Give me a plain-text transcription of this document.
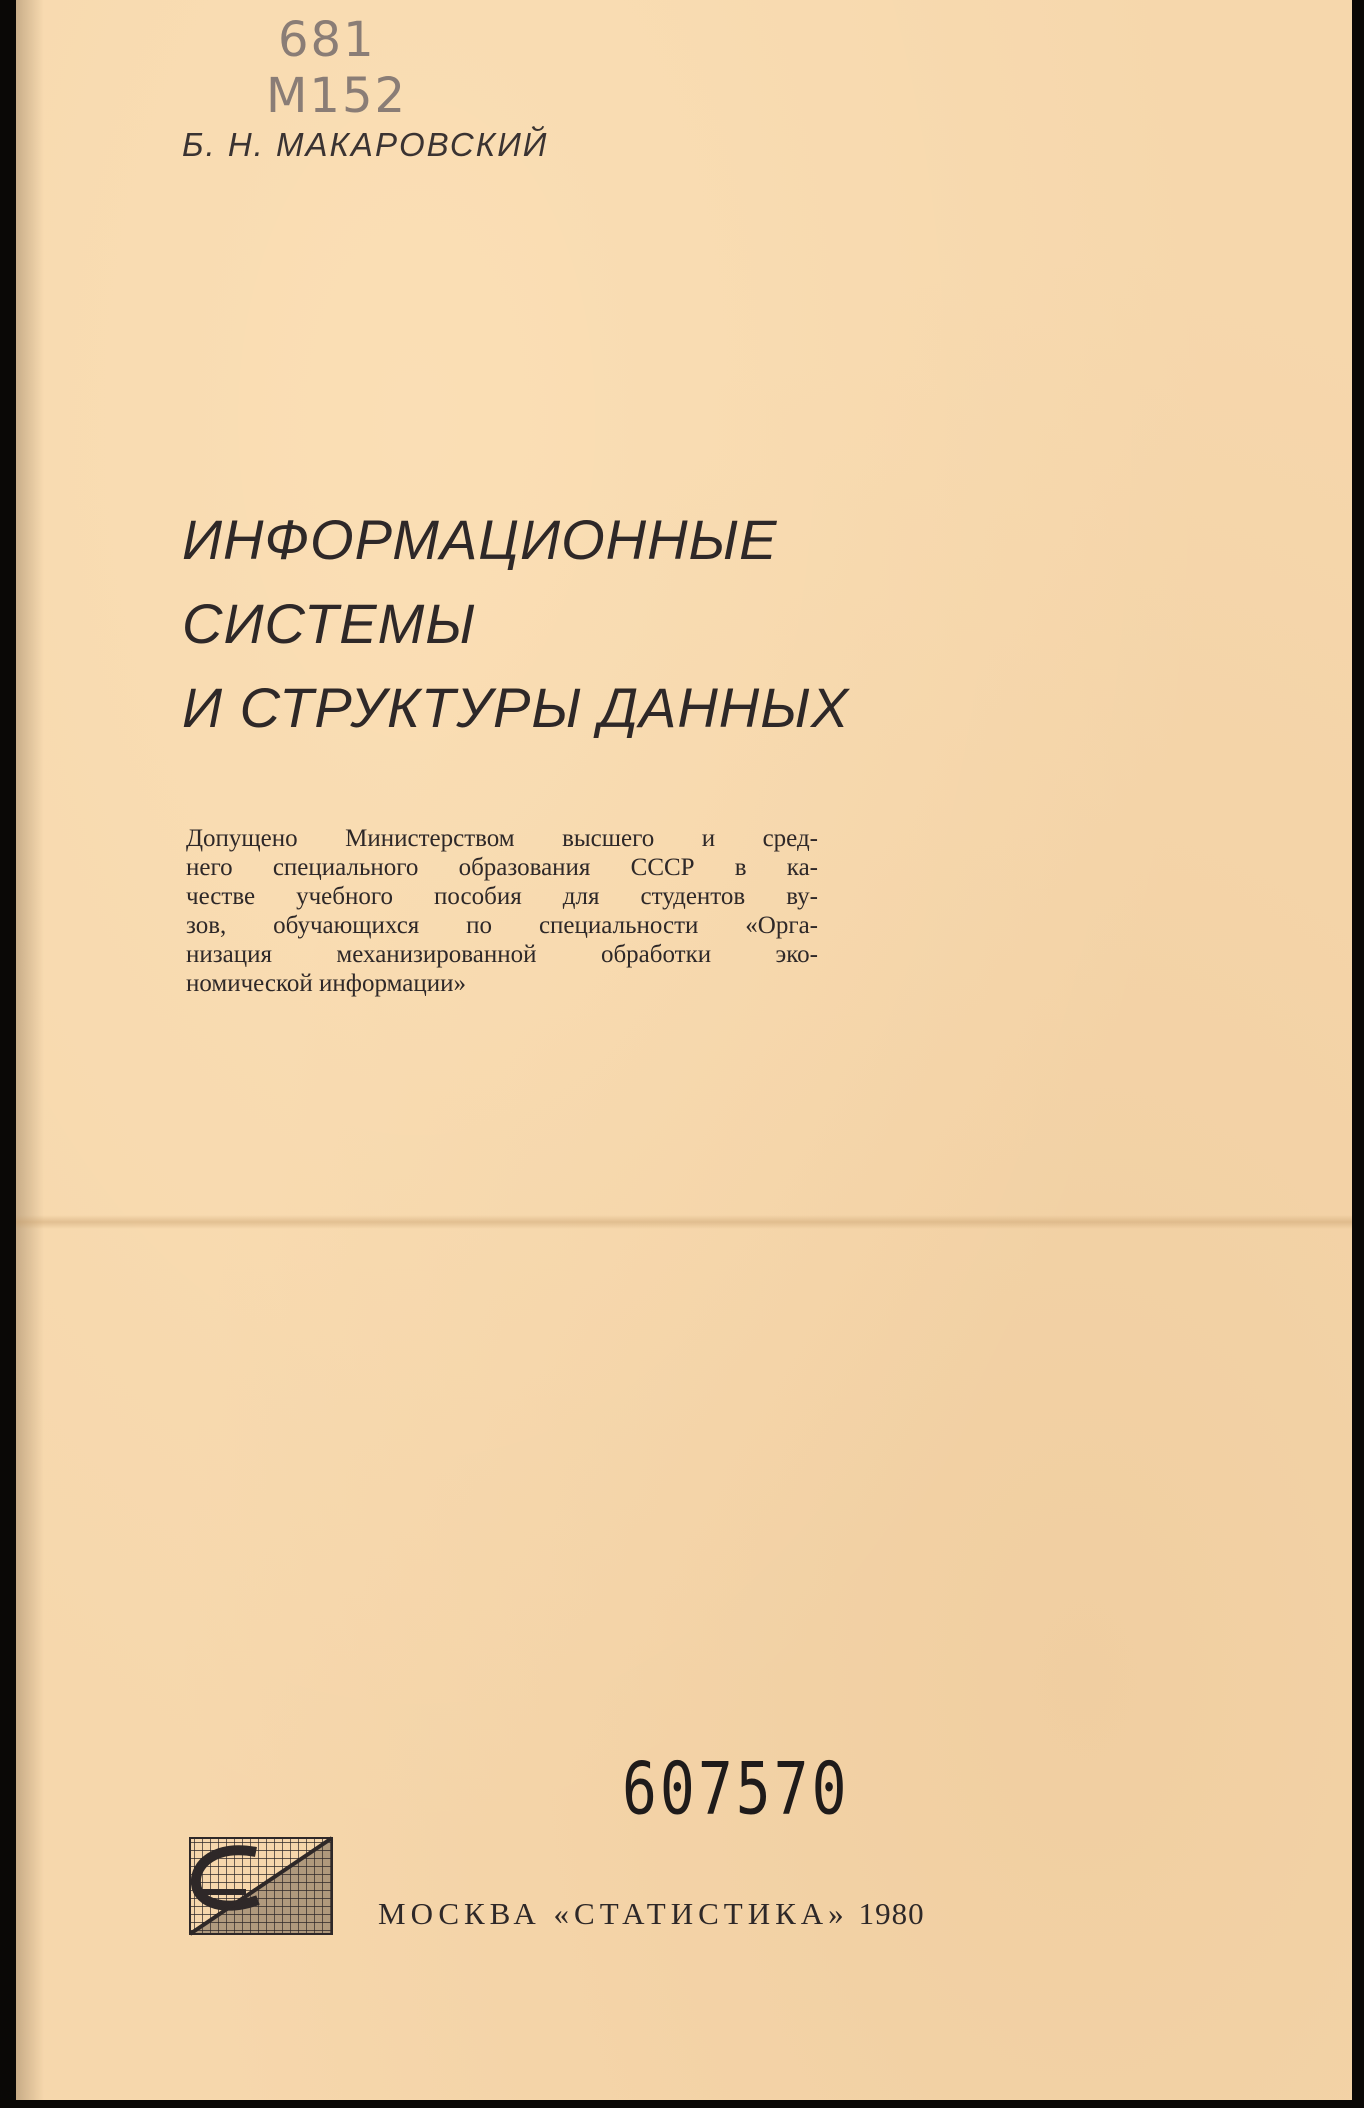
681
M152
Б. Н. МАКАРОВСКИЙ
ИНФОРМАЦИОННЫЕ
СИСТЕМЫ
И СТРУКТУРЫ ДАННЫХ
Допущено Министерством высшего и сред-
него специального образования СССР в ка-
честве учебного пособия для студентов ву-
зов, обучающихся по специальности «Орга-
низация механизированной обработки эко-
номической информации»
607570
МОСКВА «СТАТИСТИКА» 1980
